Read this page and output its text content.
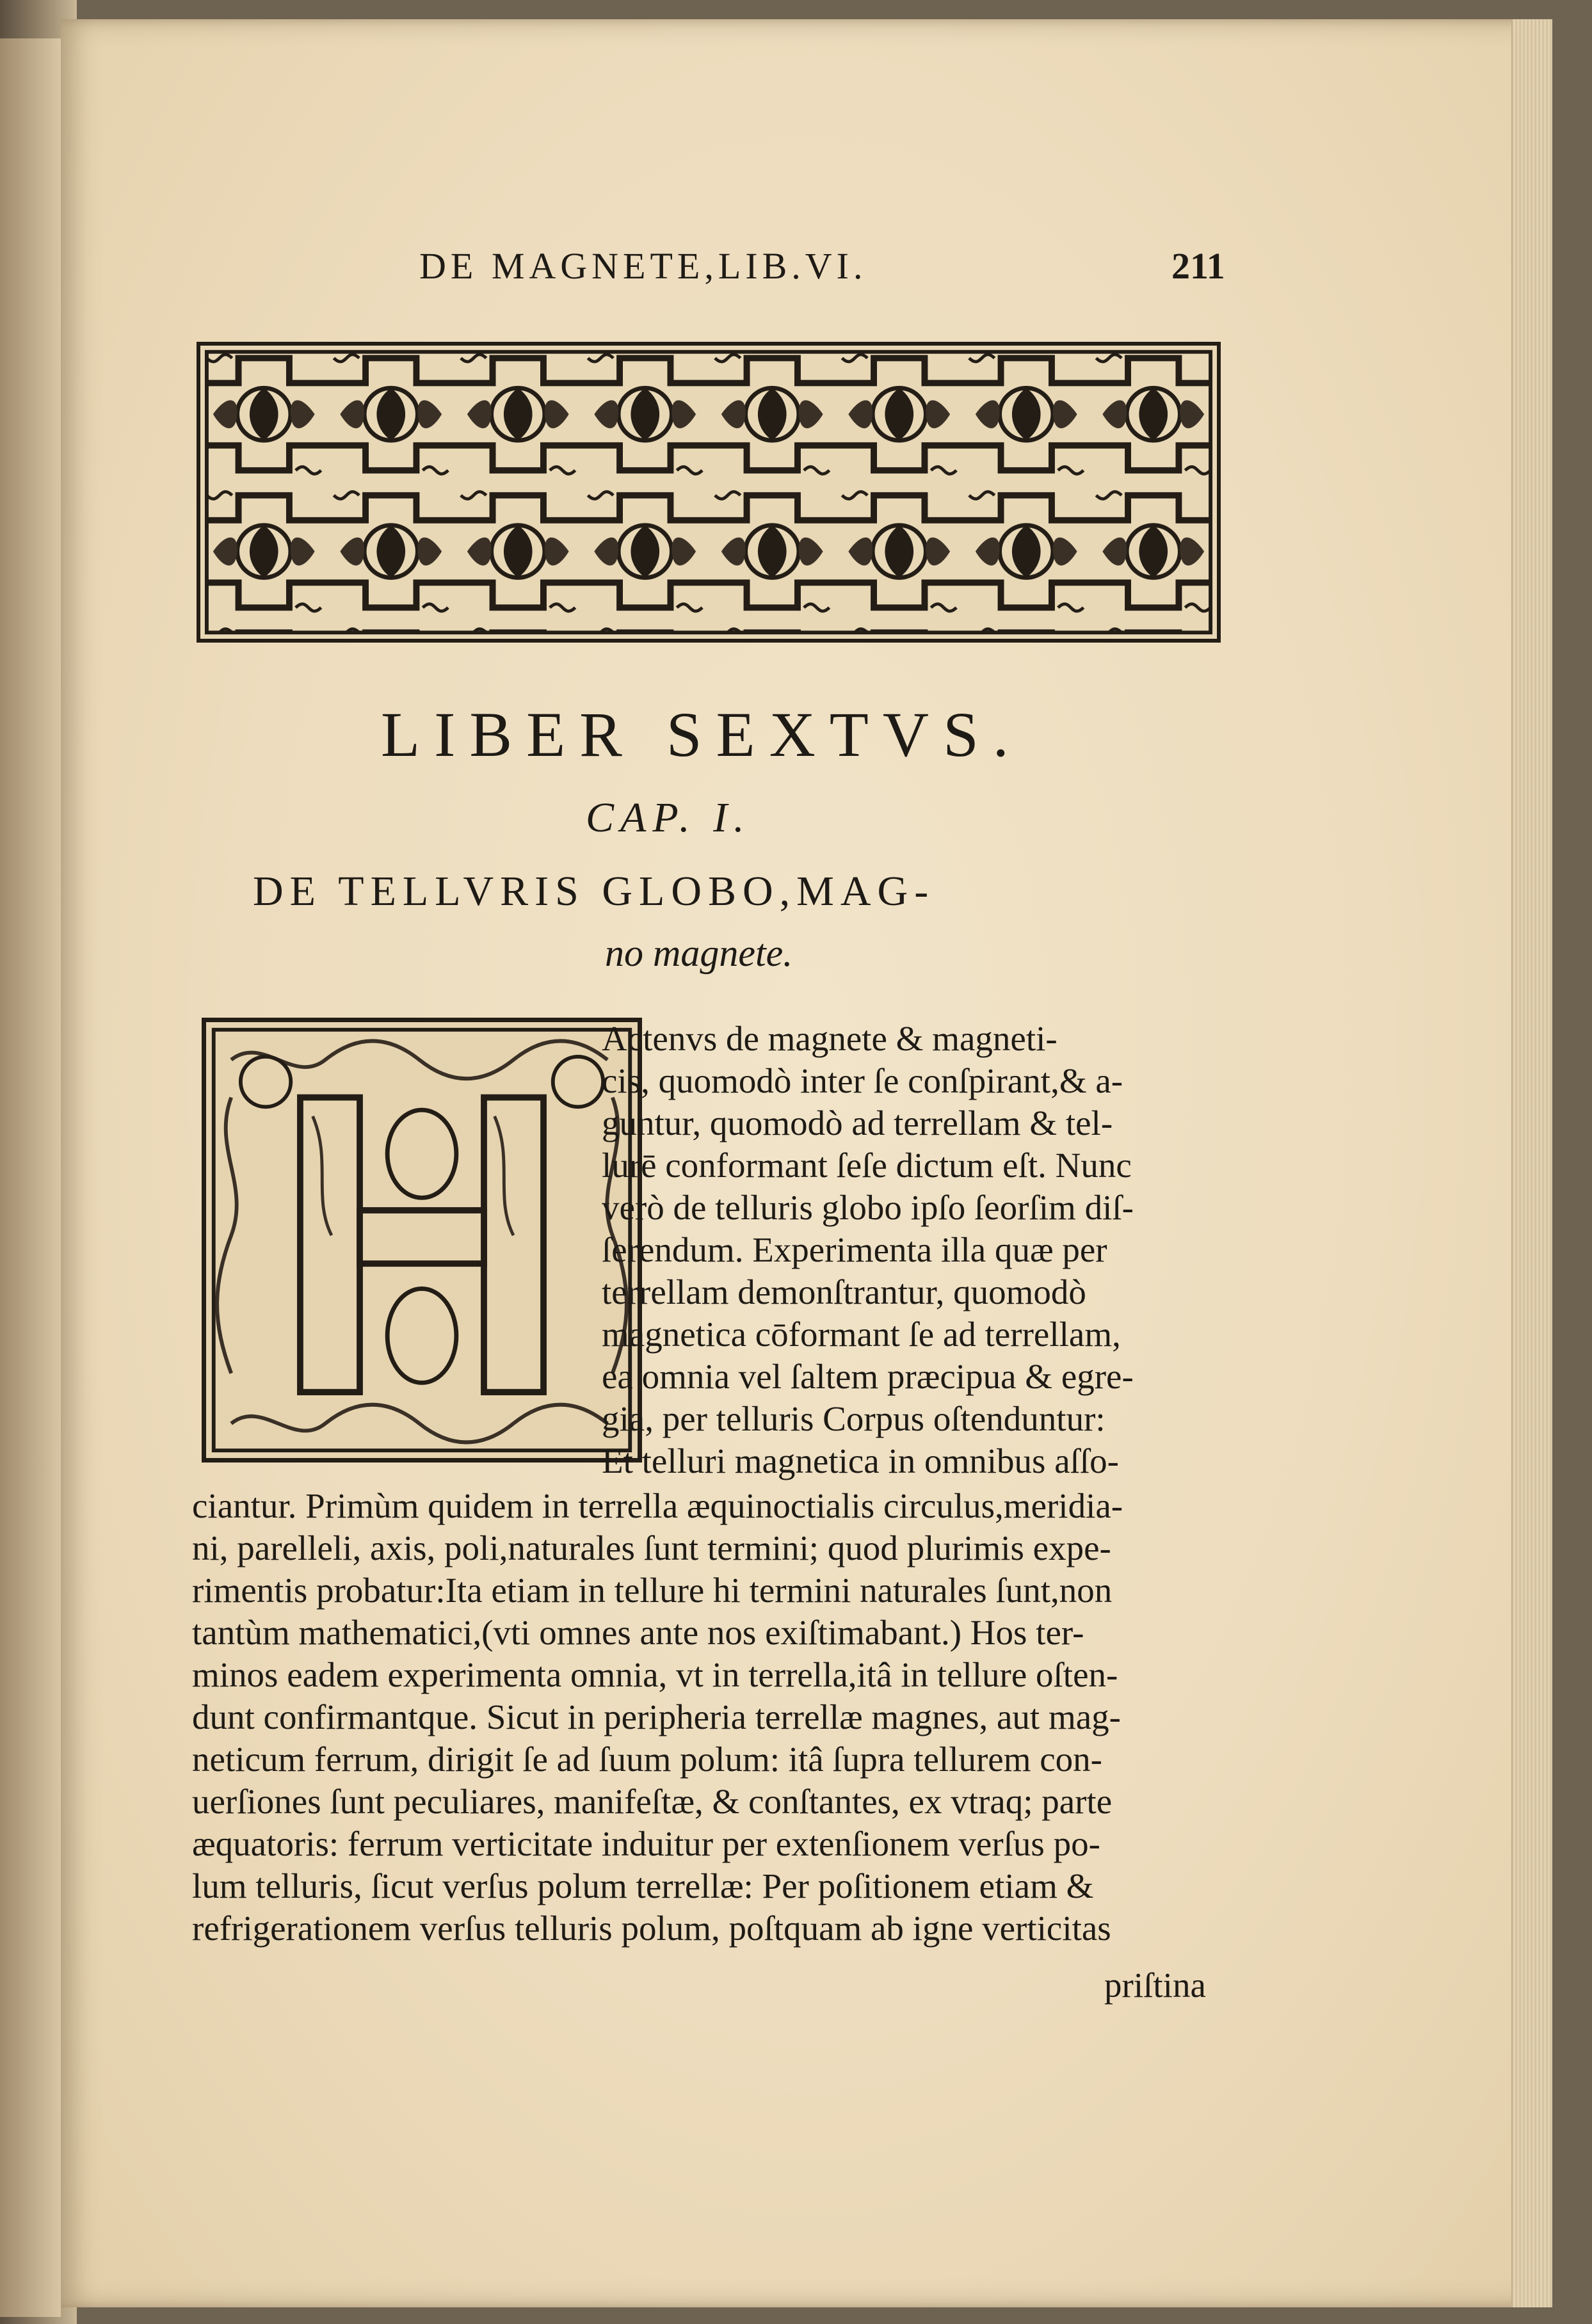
DE MAGNETE,LIB.VI.	211
LIBER SEXTVS.
CAP. I.
DE TELLVRIS GLOBO,MAG-
no magnete.
Actenvs de magnete & magneti-
cis, quomodò inter ſe conſpirant,& a-
guntur, quomodò ad terrellam & tel-
lurē conformant ſeſe dictum eſt. Nunc
verò de telluris globo ipſo ſeorſim diſ-
ſerendum. Experimenta illa quæ per
terrellam demonſtrantur, quomodò
magnetica cōformant ſe ad terrellam,
ea omnia vel ſaltem præcipua & egre-
gia, per telluris Corpus oſtenduntur:
Et telluri magnetica in omnibus aſſo-
ciantur. Primùm quidem in terrella æquinoctialis circulus,meridia-
ni, parelleli, axis, poli,naturales ſunt termini; quod plurimis expe-
rimentis probatur:Ita etiam in tellure hi termini naturales ſunt,non
tantùm mathematici,(vti omnes ante nos exiſtimabant.) Hos ter-
minos eadem experimenta omnia, vt in terrella,itâ in tellure oſten-
dunt confirmantque. Sicut in peripheria terrellæ magnes, aut mag-
neticum ferrum, dirigit ſe ad ſuum polum: itâ ſupra tellurem con-
uerſiones ſunt peculiares, manifeſtæ, & conſtantes, ex vtraq; parte
æquatoris: ferrum verticitate induitur per extenſionem verſus po-
lum telluris, ſicut verſus polum terrellæ: Per poſitionem etiam &
refrigerationem verſus telluris polum, poſtquam ab igne verticitas
priſtina
